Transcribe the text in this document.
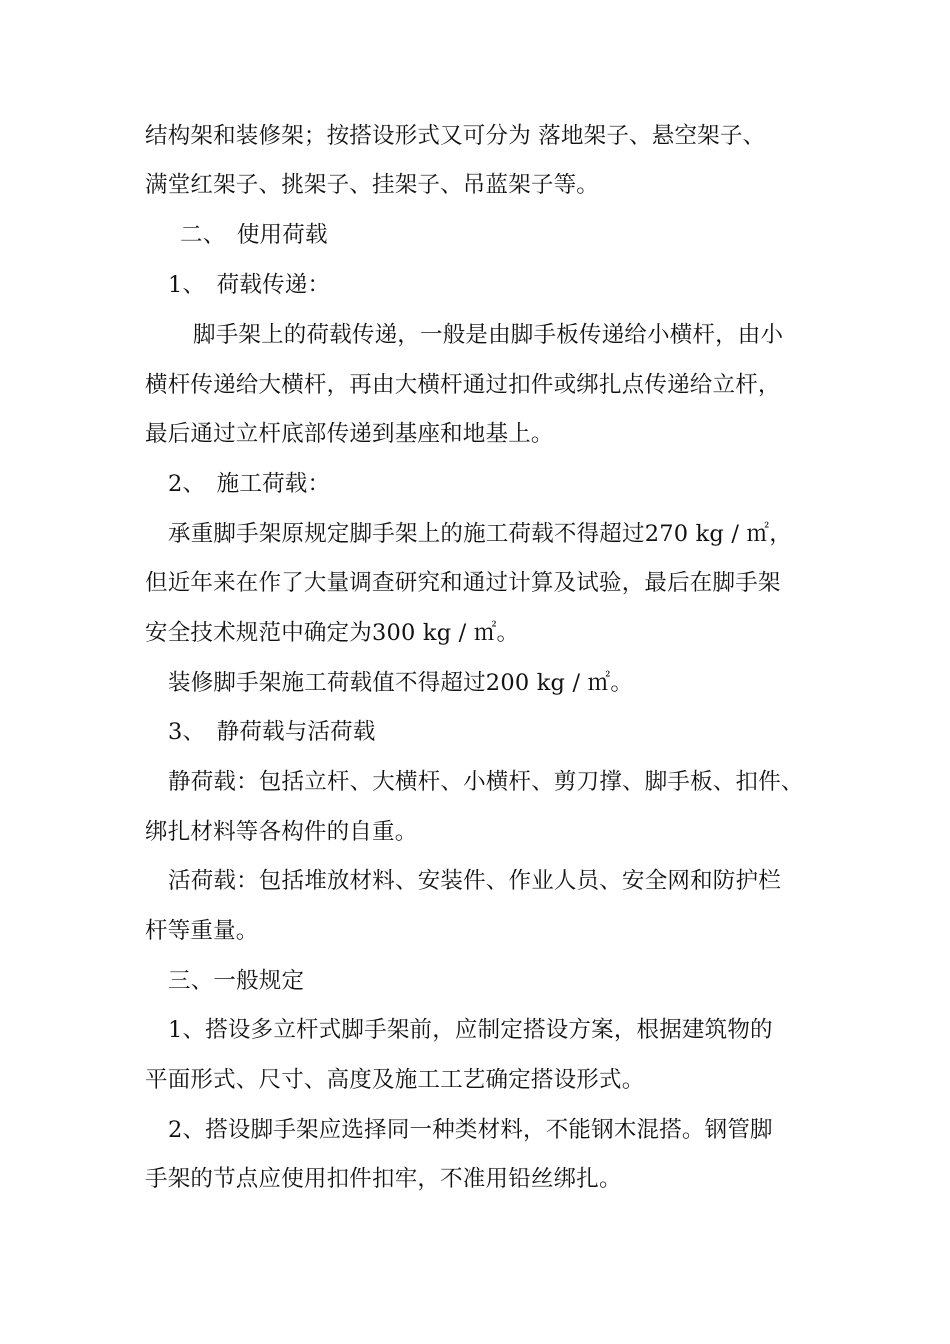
结构架和装修架；按搭设形式又可分为 落地架子、悬空架子、
满堂红架子、挑架子、挂架子、吊蓝架子等。
二、　使用荷载
1、　荷载传递：
脚手架上的荷载传递，一般是由脚手板传递给小横杆，由小
横杆传递给大横杆，再由大横杆通过扣件或绑扎点传递给立杆，
最后通过立杆底部传递到基座和地基上。
2、　施工荷载：
承重脚手架原规定脚手架上的施工荷载不得超过270 kg / ㎡，
但近年来在作了大量调查研究和通过计算及试验，最后在脚手架
安全技术规范中确定为300 kg / ㎡。
装修脚手架施工荷载值不得超过200 kg / ㎡。
3、　静荷载与活荷载
静荷载：包括立杆、大横杆、小横杆、剪刀撑、脚手板、扣件、
绑扎材料等各构件的自重。
活荷载：包括堆放材料、安装件、作业人员、安全网和防护栏
杆等重量。
三、一般规定
1、搭设多立杆式脚手架前，应制定搭设方案，根据建筑物的
平面形式、尺寸、高度及施工工艺确定搭设形式。
2、搭设脚手架应选择同一种类材料，不能钢木混搭。钢管脚
手架的节点应使用扣件扣牢，不准用铅丝绑扎。
